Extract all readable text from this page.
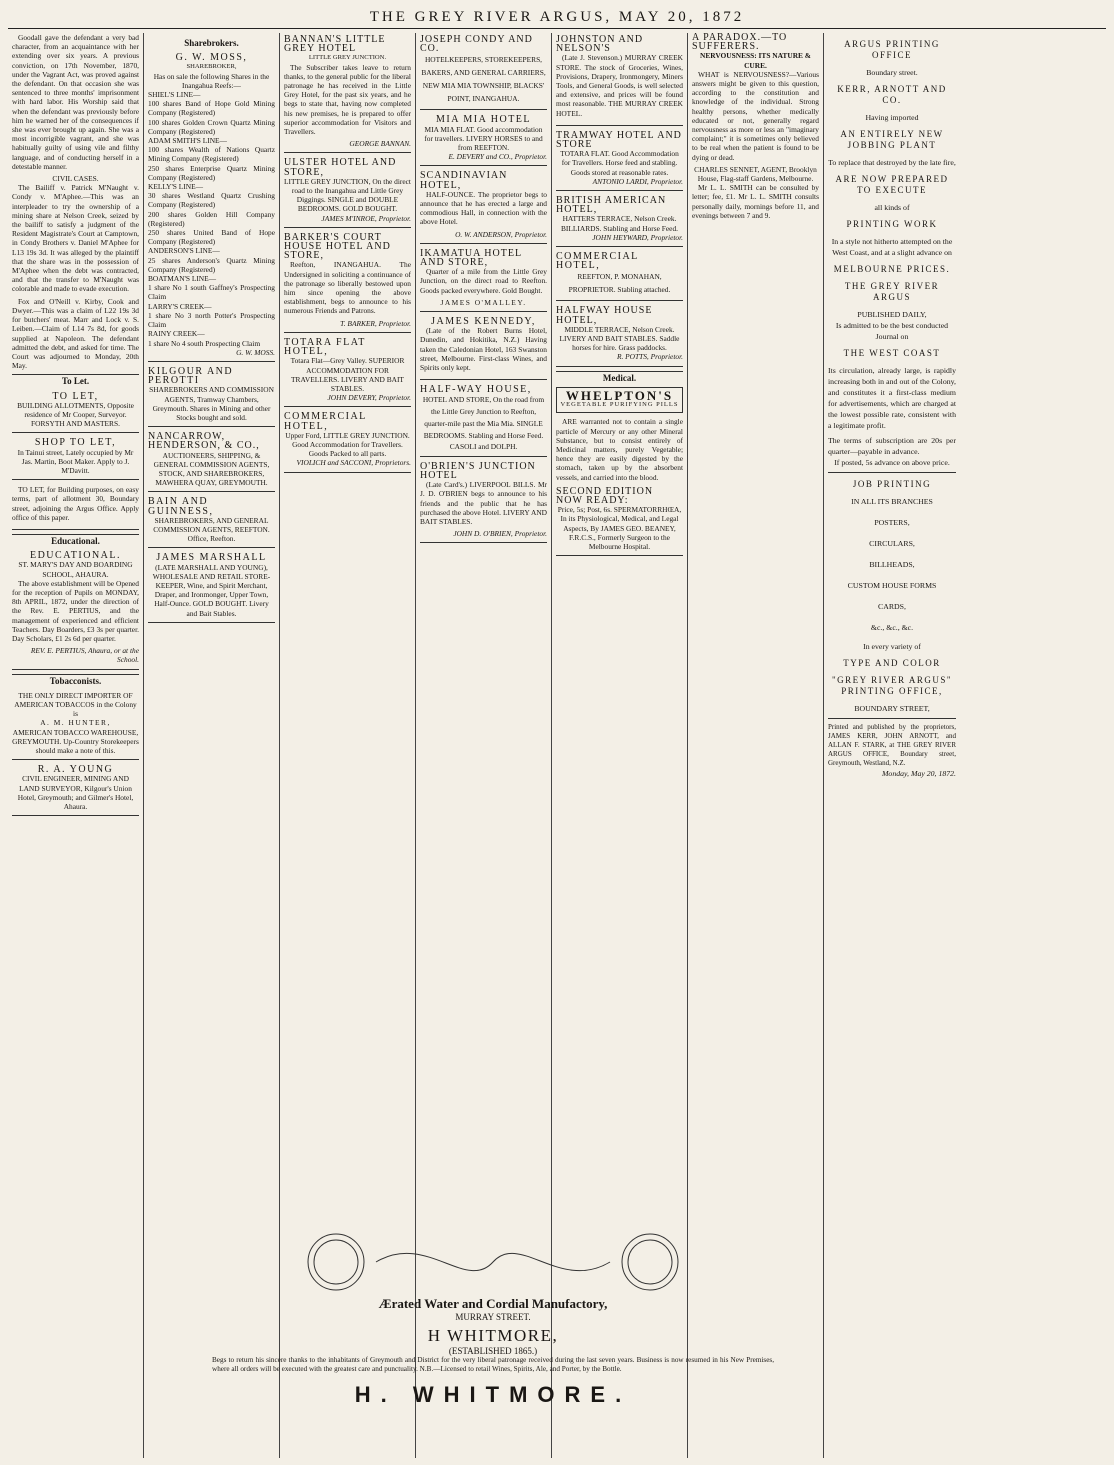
THE GREY RIVER ARGUS, MAY 20, 1872

Goodall gave the defendant a very bad character, from an acquaintance with her extending over six years. A previous conviction, on 17th November, 1870, under the Vagrant Act, was proved against the defendant. On that occasion she was sentenced to three months' imprisonment with hard labor. His Worship said that when the defendant was previously before him he warned her of the consequences if she was ever brought up again. She was a most incorrigible vagrant, and she was habitually guilty of using vile and filthy language, and of conducting herself in a detestable manner.

CIVIL CASES.

The Bailiff v. Patrick M'Naught v. Condy v. M'Aphee.—This was an interpleader to try the ownership of a mining share at Nelson Creek, seized by the bailiff to satisfy a judgment of the Resident Magistrate's Court at Camptown, in Condy Brothers v. Daniel M'Aphee for L13 19s 3d. It was alleged by the plaintiff that the share was in the possession of M'Aphee when the debt was contracted, and that the transfer to M'Naught was colorable and made to evade execution.

Fox and O'Neill v. Kirby, Cook and Dwyer.—This was a claim of L22 19s 3d for butchers' meat. Marr and Lock v. S. Leiben.—Claim of L14 7s 8d, for goods supplied at Napoleon. The defendant admitted the debt, and asked for time. The Court was adjourned to Monday, 20th May.

To Let.
TO LET,
BUILDING ALLOTMENTS, Opposite residence of Mr Cooper, Surveyor.
FORSYTH AND MASTERS.
SHOP TO LET,
In Tainui street, Lately occupied by Mr Jas. Martin, Boot Maker. Apply to J. M'Davitt.

TO LET, for Building purposes, on easy terms, part of allotment 30, Boundary street, adjoining the Argus Office. Apply office of this paper.

Educational.
EDUCATIONAL.
ST. MARY'S DAY AND BOARDING SCHOOL, AHAURA.

The above establishment will be Opened for the reception of Pupils on MONDAY, 8th APRIL, 1872, under the direction of the Rev. E. PERTIUS, and the management of experienced and efficient Teachers. Day Boarders, £3 3s per quarter. Day Scholars, £1 2s 6d per quarter.

REV. E. PERTIUS, Ahaura, or at the School.
Tobacconists.
THE ONLY DIRECT IMPORTER OF AMERICAN TOBACCOS in the Colony is
A. M. HUNTER,
AMERICAN TOBACCO WAREHOUSE, GREYMOUTH. Up-Country Storekeepers should make a note of this.
R. A. YOUNG
CIVIL ENGINEER, MINING AND LAND SURVEYOR, Kilgour's Union Hotel, Greymouth; and Gilmer's Hotel, Ahaura.
Sharebrokers.
G. W. MOSS,
SHAREBROKER,
Has on sale the following Shares in the Inangahua Reefs:—
SHIEL'S LINE—
100 shares Band of Hope Gold Mining Company (Registered)
100 shares Golden Crown Quartz Mining Company (Registered)
ADAM SMITH'S LINE—
100 shares Wealth of Nations Quartz Mining Company (Registered)
250 shares Enterprise Quartz Mining Company (Registered)
KELLY'S LINE—
30 shares Westland Quartz Crushing Company (Registered)
200 shares Golden Hill Company (Registered)
250 shares United Band of Hope Company (Registered)
ANDERSON'S LINE—
25 shares Anderson's Quartz Mining Company (Registered)
BOATMAN'S LINE—
1 share No 1 south Gaffney's Prospecting Claim
LARRY'S CREEK—
1 share No 3 north Potter's Prospecting Claim
RAINY CREEK—
1 share No 4 south Prospecting Claim
G. W. MOSS.
KILGOUR AND PEROTTI
SHAREBROKERS AND COMMISSION AGENTS, Tramway Chambers, Greymouth. Shares in Mining and other Stocks bought and sold.
NANCARROW, HENDERSON, & CO.,
AUCTIONEERS, SHIPPING, & GENERAL COMMISSION AGENTS, STOCK, AND SHAREBROKERS, MAWHERA QUAY, GREYMOUTH.
BAIN AND GUINNESS,
SHAREBROKERS, AND GENERAL COMMISSION AGENTS, REEFTON. Office, Reefton.
JAMES MARSHALL
(LATE MARSHALL AND YOUNG), WHOLESALE AND RETAIL STORE-KEEPER, Wine, and Spirit Merchant, Draper, and Ironmonger, Upper Town, Half-Ounce. GOLD BOUGHT. Livery and Bait Stables.
BANNAN'S LITTLE GREY HOTEL
LITTLE GREY JUNCTION.

The Subscriber takes leave to return thanks, to the general public for the liberal patronage he has received in the Little Grey Hotel, for the past six years, and he begs to state that, having now completed his new premises, he is prepared to offer superior accommodation for Visitors and Travellers.

GEORGE BANNAN.
ULSTER HOTEL AND STORE,
LITTLE GREY JUNCTION, On the direct road to the Inangahua and Little Grey Diggings. SINGLE and DOUBLE BEDROOMS. GOLD BOUGHT.
JAMES M'INROE, Proprietor.
BARKER'S COURT HOUSE HOTEL AND STORE,

Reefton, INANGAHUA. The Undersigned in soliciting a continuance of the patronage so liberally bestowed upon him since opening the above establishment, begs to announce to his numerous Friends and Patrons.

T. BARKER, Proprietor.
TOTARA FLAT HOTEL,
Totara Flat—Grey Valley. SUPERIOR ACCOMMODATION FOR TRAVELLERS. LIVERY AND BAIT STABLES.
JOHN DEVERY, Proprietor.
COMMERCIAL HOTEL,
Upper Ford, LITTLE GREY JUNCTION. Good Accommodation for Travellers. Goods Packed to all parts.
VIOLICH and SACCONI, Proprietors.
JOSEPH CONDY AND CO.
HOTELKEEPERS, STOREKEEPERS, BAKERS, AND GENERAL CARRIERS, NEW MIA MIA TOWNSHIP, BLACKS' POINT, INANGAHUA.
MIA MIA HOTEL
MIA MIA FLAT. Good accommodation for travellers. LIVERY HORSES to and from REEFTON.
E. DEVERY and CO., Proprietor.
SCANDINAVIAN HOTEL,

HALF-OUNCE. The proprietor begs to announce that he has erected a large and commodious Hall, in connection with the above Hotel.

O. W. ANDERSON, Proprietor.
IKAMATUA HOTEL AND STORE,

Quarter of a mile from the Little Grey Junction, on the direct road to Reefton. Goods packed everywhere. Gold Bought.

JAMES O'MALLEY.
JAMES KENNEDY,

(Late of the Robert Burns Hotel, Dunedin, and Hokitika, N.Z.) Having taken the Caledonian Hotel, 163 Swanston street, Melbourne. First-class Wines, and Spirits only kept.

HALF-WAY HOUSE,
HOTEL AND STORE, On the road from the Little Grey Junction to Reefton, quarter-mile past the Mia Mia. SINGLE BEDROOMS. Stabling and Horse Feed.
CASOLI and DOLPH.
O'BRIEN'S JUNCTION HOTEL

(Late Card's.) LIVERPOOL BILLS. Mr J. D. O'BRIEN begs to announce to his friends and the public that he has purchased the above Hotel. LIVERY AND BAIT STABLES.

JOHN D. O'BRIEN, Proprietor.
JOHNSTON AND NELSON'S

(Late J. Stevenson.) MURRAY CREEK STORE. The stock of Groceries, Wines, Provisions, Drapery, Ironmongery, Miners Tools, and General Goods, is well selected and extensive, and prices will be found most reasonable. THE MURRAY CREEK HOTEL.

TRAMWAY HOTEL AND STORE
TOTARA FLAT. Good Accommodation for Travellers. Horse feed and stabling. Goods stored at reasonable rates.
ANTONIO LARDI, Proprietor.
BRITISH AMERICAN HOTEL,
HATTERS TERRACE, Nelson Creek. BILLIARDS. Stabling and Horse Feed.
JOHN HEYWARD, Proprietor.
COMMERCIAL HOTEL,
REEFTON, P. MONAHAN, PROPRIETOR. Stabling attached.
HALFWAY HOUSE HOTEL,
MIDDLE TERRACE, Nelson Creek. LIVERY AND BAIT STABLES. Saddle horses for hire. Grass paddocks.
R. POTTS, Proprietor.
Medical.
WHELPTON'S
VEGETABLE PURIFYING PILLS

ARE warranted not to contain a single particle of Mercury or any other Mineral Substance, but to consist entirely of Medicinal matters, purely Vegetable; hence they are easily digested by the stomach, taken up by the absorbent vessels, and carried into the blood.

SECOND EDITION NOW READY:
Price, 5s; Post, 6s. SPERMATORRHŒA, In its Physiological, Medical, and Legal Aspects, By JAMES GEO. BEANEY, F.R.C.S., Formerly Surgeon to the Melbourne Hospital.
A PARADOX.—TO SUFFERERS.
NERVOUSNESS: ITS NATURE & CURE.

WHAT is NERVOUSNESS?—Various answers might be given to this question, according to the constitution and knowledge of the individual. Strong healthy persons, whether medically educated or not, generally regard nervousness as more or less an "imaginary complaint;" it is sometimes only believed to be real when the patient is found to be dying or dead.

CHARLES SENNET, AGENT, Brooklyn House, Flag-staff Gardens, Melbourne.

Mr L. L. SMITH can be consulted by letter; fee, £1. Mr L. L. SMITH consults personally daily, mornings before 11, and evenings between 7 and 9.

ARGUS PRINTING OFFICE
Boundary street.
KERR, ARNOTT AND CO.
Having imported
AN ENTIRELY NEW JOBBING PLANT
To replace that destroyed by the late fire,
ARE NOW PREPARED TO EXECUTE
all kinds of
PRINTING WORK
In a style not hitherto attempted on the West Coast, and at a slight advance on
MELBOURNE PRICES.
THE GREY RIVER ARGUS
PUBLISHED DAILY,
Is admitted to be the best conducted Journal on
THE WEST COAST
Its circulation, already large, is rapidly increasing both in and out of the Colony, and constitutes it a first-class medium for advertisements, which are charged at the lowest possible rate, consistent with a legitimate profit.
The terms of subscription are 20s per quarter—payable in advance.
If posted, 5s advance on above price.
JOB PRINTING
IN ALL ITS BRANCHES
POSTERS,
CIRCULARS,
BILLHEADS,
CUSTOM HOUSE FORMS
CARDS,
&c., &c., &c.
In every variety of
TYPE AND COLOR
"GREY RIVER ARGUS" PRINTING OFFICE,
BOUNDARY STREET,
Printed and published by the proprietors, JAMES KERR, JOHN ARNOTT, and ALLAN F. STARK, at THE GREY RIVER ARGUS OFFICE, Boundary street, Greymouth, Westland, N.Z.
Monday, May 20, 1872.
Ærated Water and Cordial Manufactory,
MURRAY STREET.
H WHITMORE,
(ESTABLISHED 1865.)
Begs to return his sincere thanks to the inhabitants of Greymouth and District for the very liberal patronage received during the last seven years. Business is now resumed in his New Premises, where all orders will be executed with the greatest care and punctuality. N.B.—Licensed to retail Wines, Spirits, Ale, and Porter, by the Bottle.
H. WHITMORE.
